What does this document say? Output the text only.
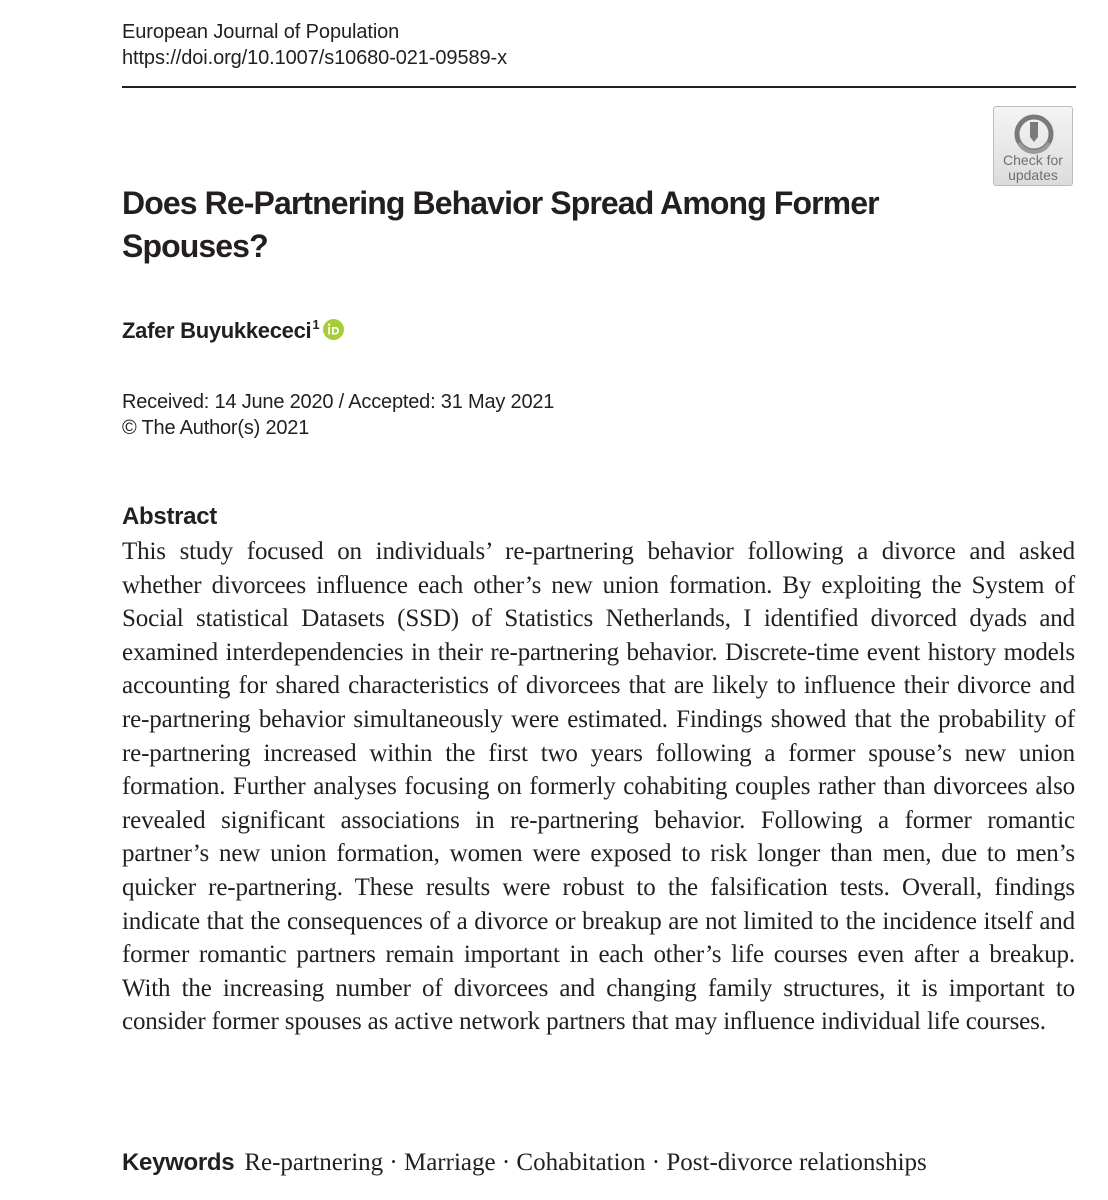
European Journal of Population
https://doi.org/10.1007/s10680-021-09589-x
Check for updates
Does Re-Partnering Behavior Spread Among Former Spouses?
Zafer Buyukkececi$^1$
Received: 14 June 2020 / Accepted: 31 May 2021
© The Author(s) 2021
Abstract

This study focused on individuals’ re-partnering behavior following a divorce and asked whether divorcees influence each other’s new union formation. By exploiting the System of Social statistical Datasets (SSD) of Statistics Netherlands, I identified divorced dyads and examined interdependencies in their re-partnering behavior. Discrete-time event history models accounting for shared characteristics of divorcees that are likely to influence their divorce and re-partnering behavior simultaneously were estimated. Findings showed that the probability of re-partnering increased within the first two years following a former spouse’s new union formation. Further analyses focusing on formerly cohabiting couples rather than divorcees also revealed significant associations in re-partnering behavior. Following a former romantic partner’s new union formation, women were exposed to risk longer than men, due to men’s quicker re-partnering. These results were robust to the falsification tests. Overall, findings indicate that the consequences of a divorce or breakup are not limited to the incidence itself and former romantic partners remain important in each other’s life courses even after a breakup. With the increasing number of divorcees and changing family structures, it is important to consider former spouses as active network partners that may influence individual life courses.

Keywords Re-partnering · Marriage · Cohabitation · Post-divorce relationships
